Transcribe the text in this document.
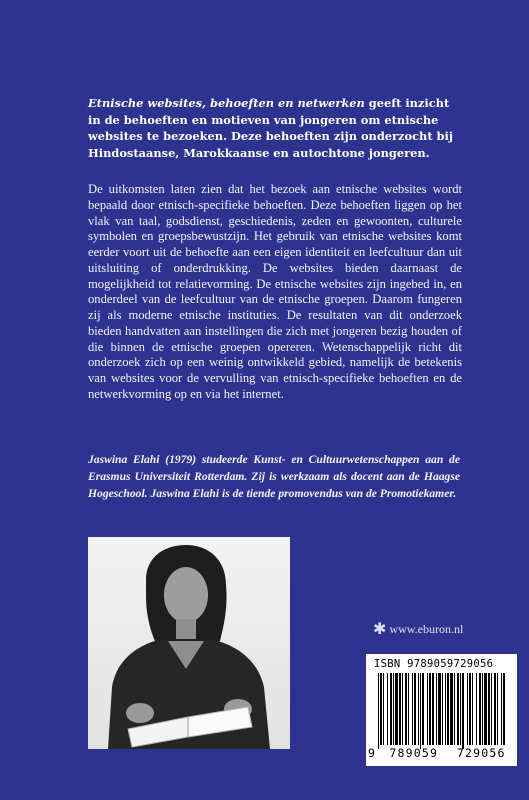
Etnische websites, behoeften en netwerken geeft inzicht in de behoeften en motieven van jongeren om etnische websites te bezoeken. Deze behoeften zijn onderzocht bij Hindostaanse, Marokkaanse en autochtone jongeren.

De uitkomsten laten zien dat het bezoek aan etnische websites wordt bepaald door etnisch-specifieke behoeften. Deze behoeften liggen op het vlak van taal, godsdienst, geschiedenis, zeden en gewoonten, culturele symbolen en groepsbewustzijn. Het gebruik van etnische websites komt eerder voort uit de behoefte aan een eigen identiteit en leefcultuur dan uit uitsluiting of onderdrukking. De websites bieden daarnaast de mogelijkheid tot relatievorming. De etnische websites zijn ingebed in, en onderdeel van de leefcultuur van de etnische groepen. Daarom fungeren zij als moderne etnische instituties. De resultaten van dit onderzoek bieden handvatten aan instellingen die zich met jongeren bezig houden of die binnen de etnische groepen opereren. Wetenschappelijk richt dit onderzoek zich op een weinig ontwikkeld gebied, namelijk de betekenis van websites voor de vervulling van etnisch-specifieke behoeften en de netwerkvorming op en via het internet.

Jaswina Elahi (1979) studeerde Kunst- en Cultuurwetenschappen aan de Erasmus Universiteit Rotterdam. Zij is werkzaam als docent aan de Haagse Hogeschool. Jaswina Elahi is de tiende promovendus van de Promotiekamer.

✱ www.eburon.nl
ISBN 9789059729056
9	789059	729056
